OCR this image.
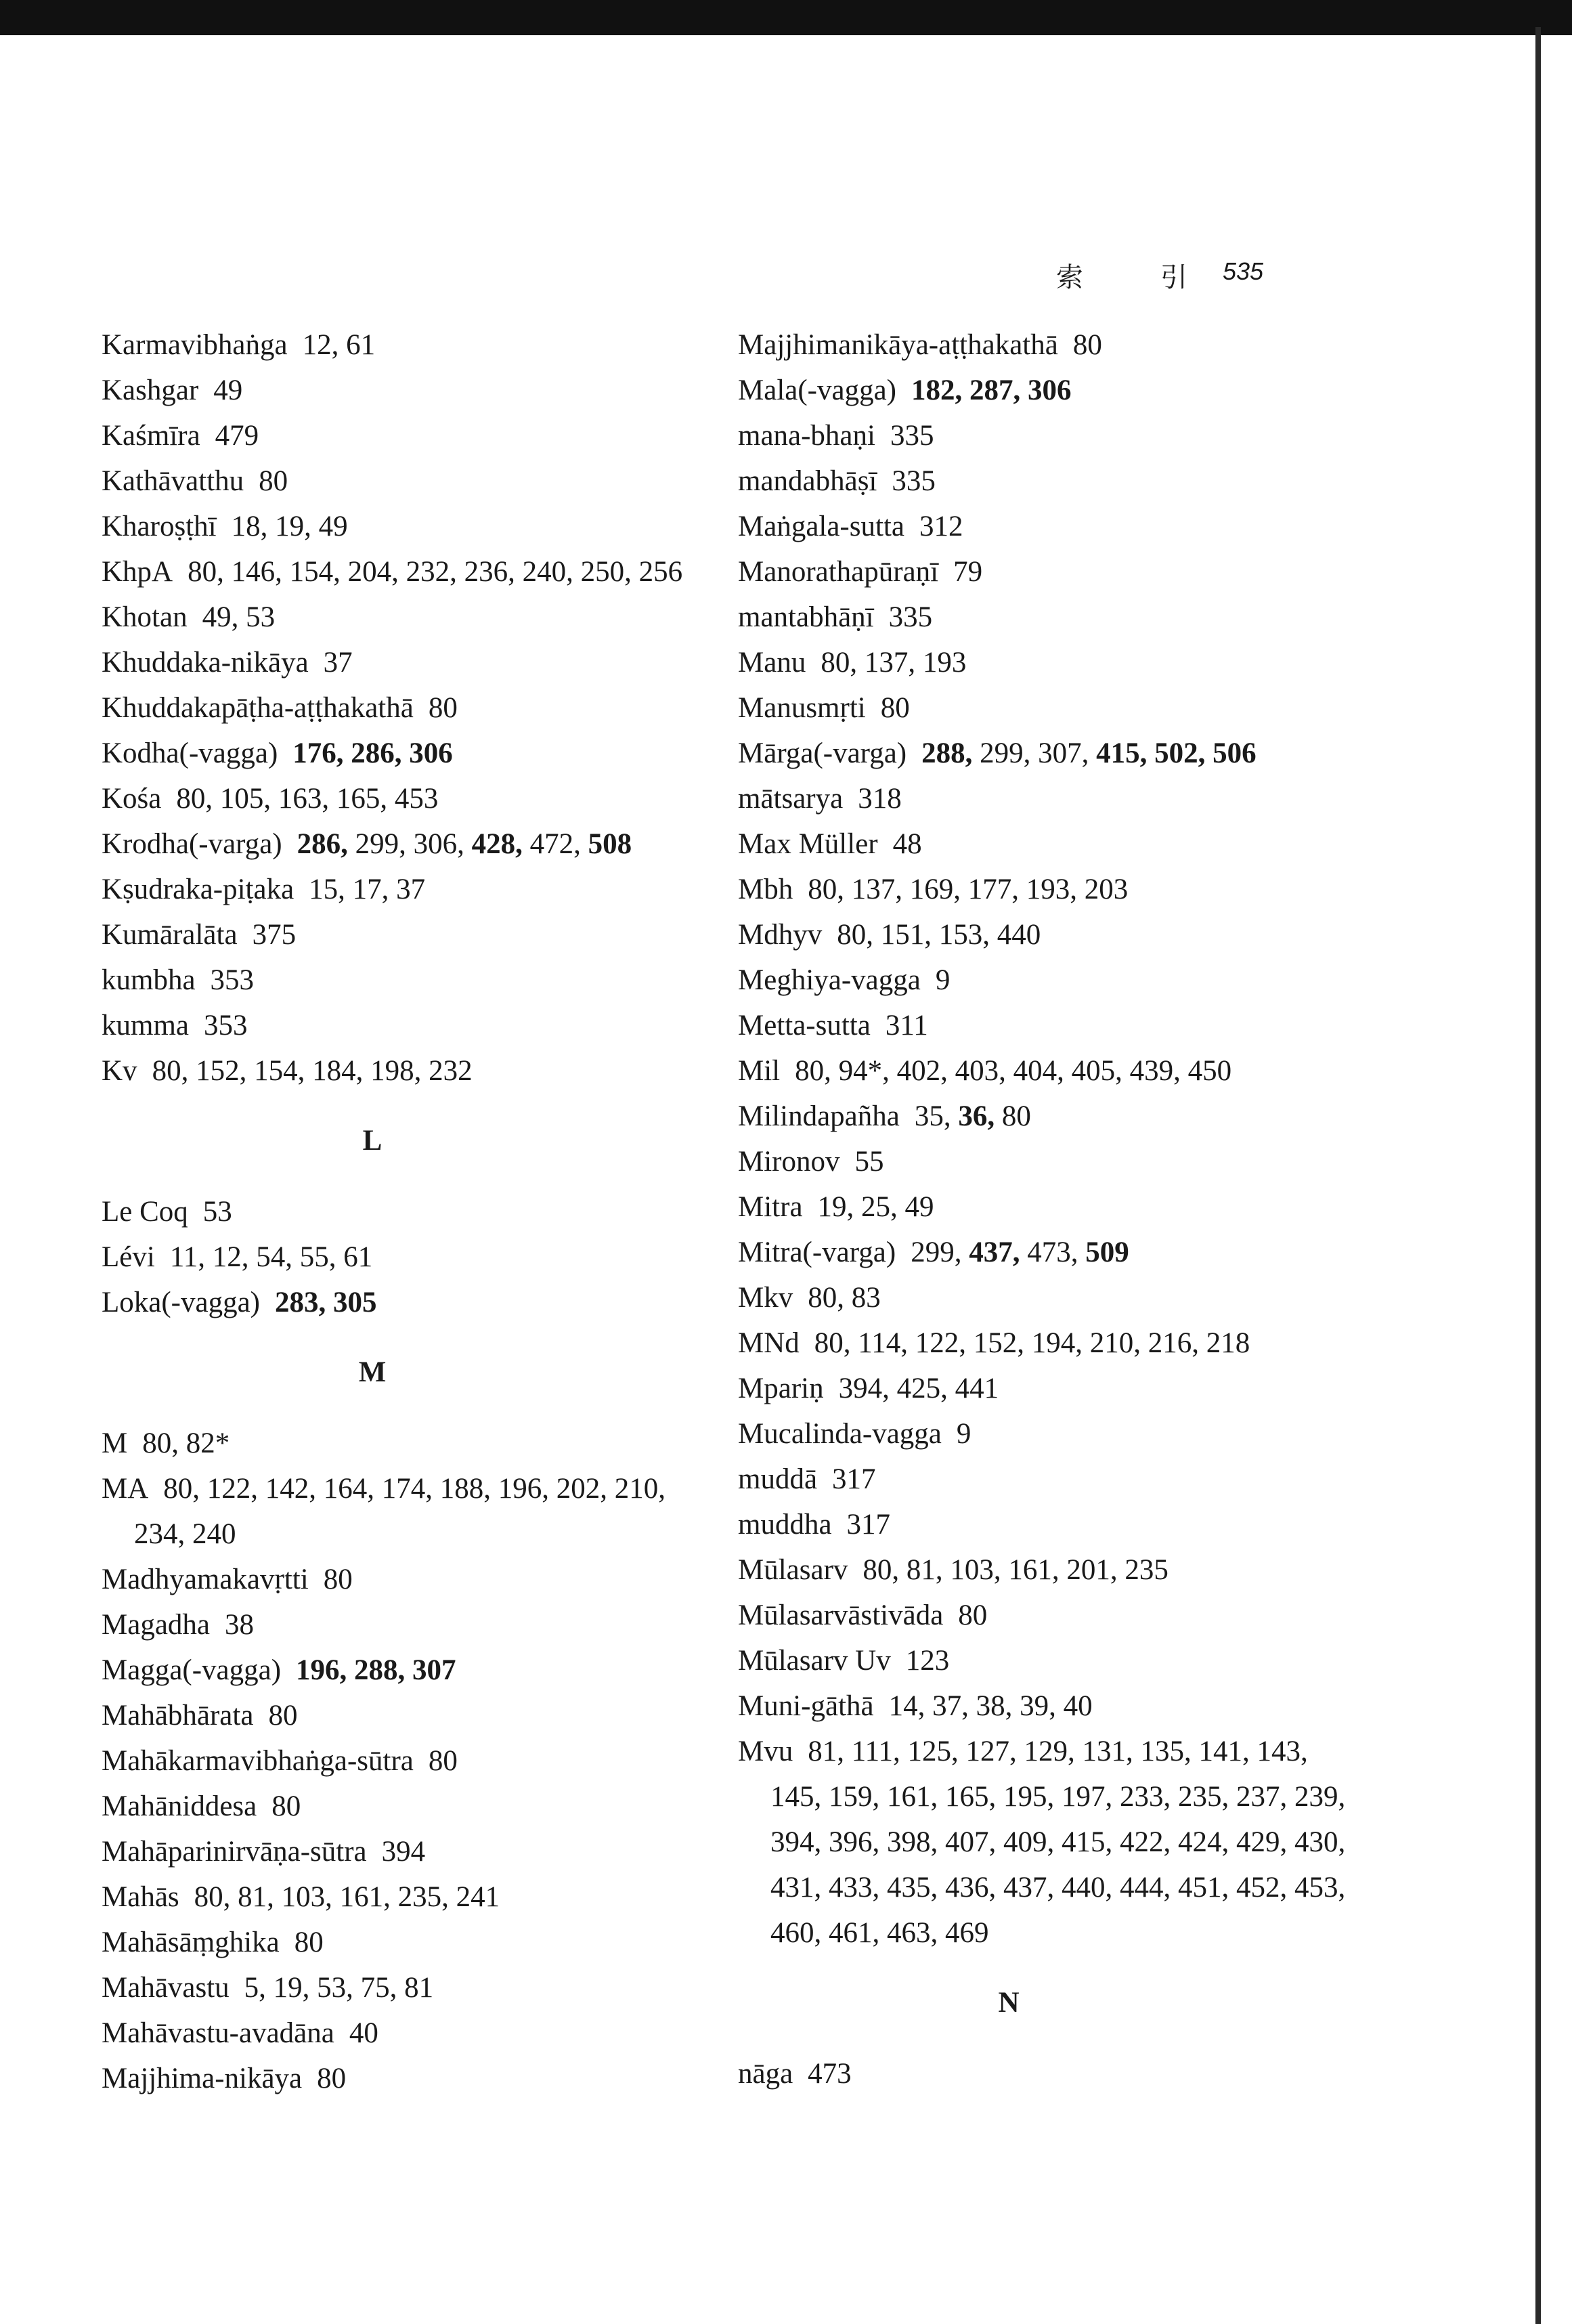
索 引 535

Karmavibhaṅga 12, 61

Kashgar 49

Kaśmīra 479

Kathāvatthu 80

Kharoṣṭhī 18, 19, 49

KhpA 80, 146, 154, 204, 232, 236, 240, 250, 256

Khotan 49, 53

Khuddaka-nikāya 37

Khuddakapāṭha-aṭṭhakathā 80

Kodha(-vagga) 176, 286, 306

Kośa 80, 105, 163, 165, 453

Krodha(-varga) 286, 299, 306, 428, 472, 508

Kṣudraka-piṭaka 15, 17, 37

Kumāralāta 375

kumbha 353

kumma 353

Kv 80, 152, 154, 184, 198, 232

L

Le Coq 53

Lévi 11, 12, 54, 55, 61

Loka(-vagga) 283, 305

M

M 80, 82*

MA 80, 122, 142, 164, 174, 188, 196, 202, 210, 234, 240

Madhyamakavṛtti 80

Magadha 38

Magga(-vagga) 196, 288, 307

Mahābhārata 80

Mahākarmavibhaṅga-sūtra 80

Mahāniddesa 80

Mahāparinirvāṇa-sūtra 394

Mahās 80, 81, 103, 161, 235, 241

Mahāsāṃghika 80

Mahāvastu 5, 19, 53, 75, 81

Mahāvastu-avadāna 40

Majjhima-nikāya 80

Majjhimanikāya-aṭṭhakathā 80

Mala(-vagga) 182, 287, 306

mana-bhaṇi 335

mandabhāṣī 335

Maṅgala-sutta 312

Manorathapūraṇī 79

mantabhāṇī 335

Manu 80, 137, 193

Manusmṛti 80

Mārga(-varga) 288, 299, 307, 415, 502, 506

mātsarya 318

Max Müller 48

Mbh 80, 137, 169, 177, 193, 203

Mdhyv 80, 151, 153, 440

Meghiya-vagga 9

Metta-sutta 311

Mil 80, 94*, 402, 403, 404, 405, 439, 450

Milindapañha 35, 36, 80

Mironov 55

Mitra 19, 25, 49

Mitra(-varga) 299, 437, 473, 509

Mkv 80, 83

MNd 80, 114, 122, 152, 194, 210, 216, 218

Mpariṇ 394, 425, 441

Mucalinda-vagga 9

muddā 317

muddha 317

Mūlasarv 80, 81, 103, 161, 201, 235

Mūlasarvāstivāda 80

Mūlasarv Uv 123

Muni-gāthā 14, 37, 38, 39, 40

Mvu 81, 111, 125, 127, 129, 131, 135, 141, 143, 145, 159, 161, 165, 195, 197, 233, 235, 237, 239, 394, 396, 398, 407, 409, 415, 422, 424, 429, 430, 431, 433, 435, 436, 437, 440, 444, 451, 452, 453, 460, 461, 463, 469

N

nāga 473
